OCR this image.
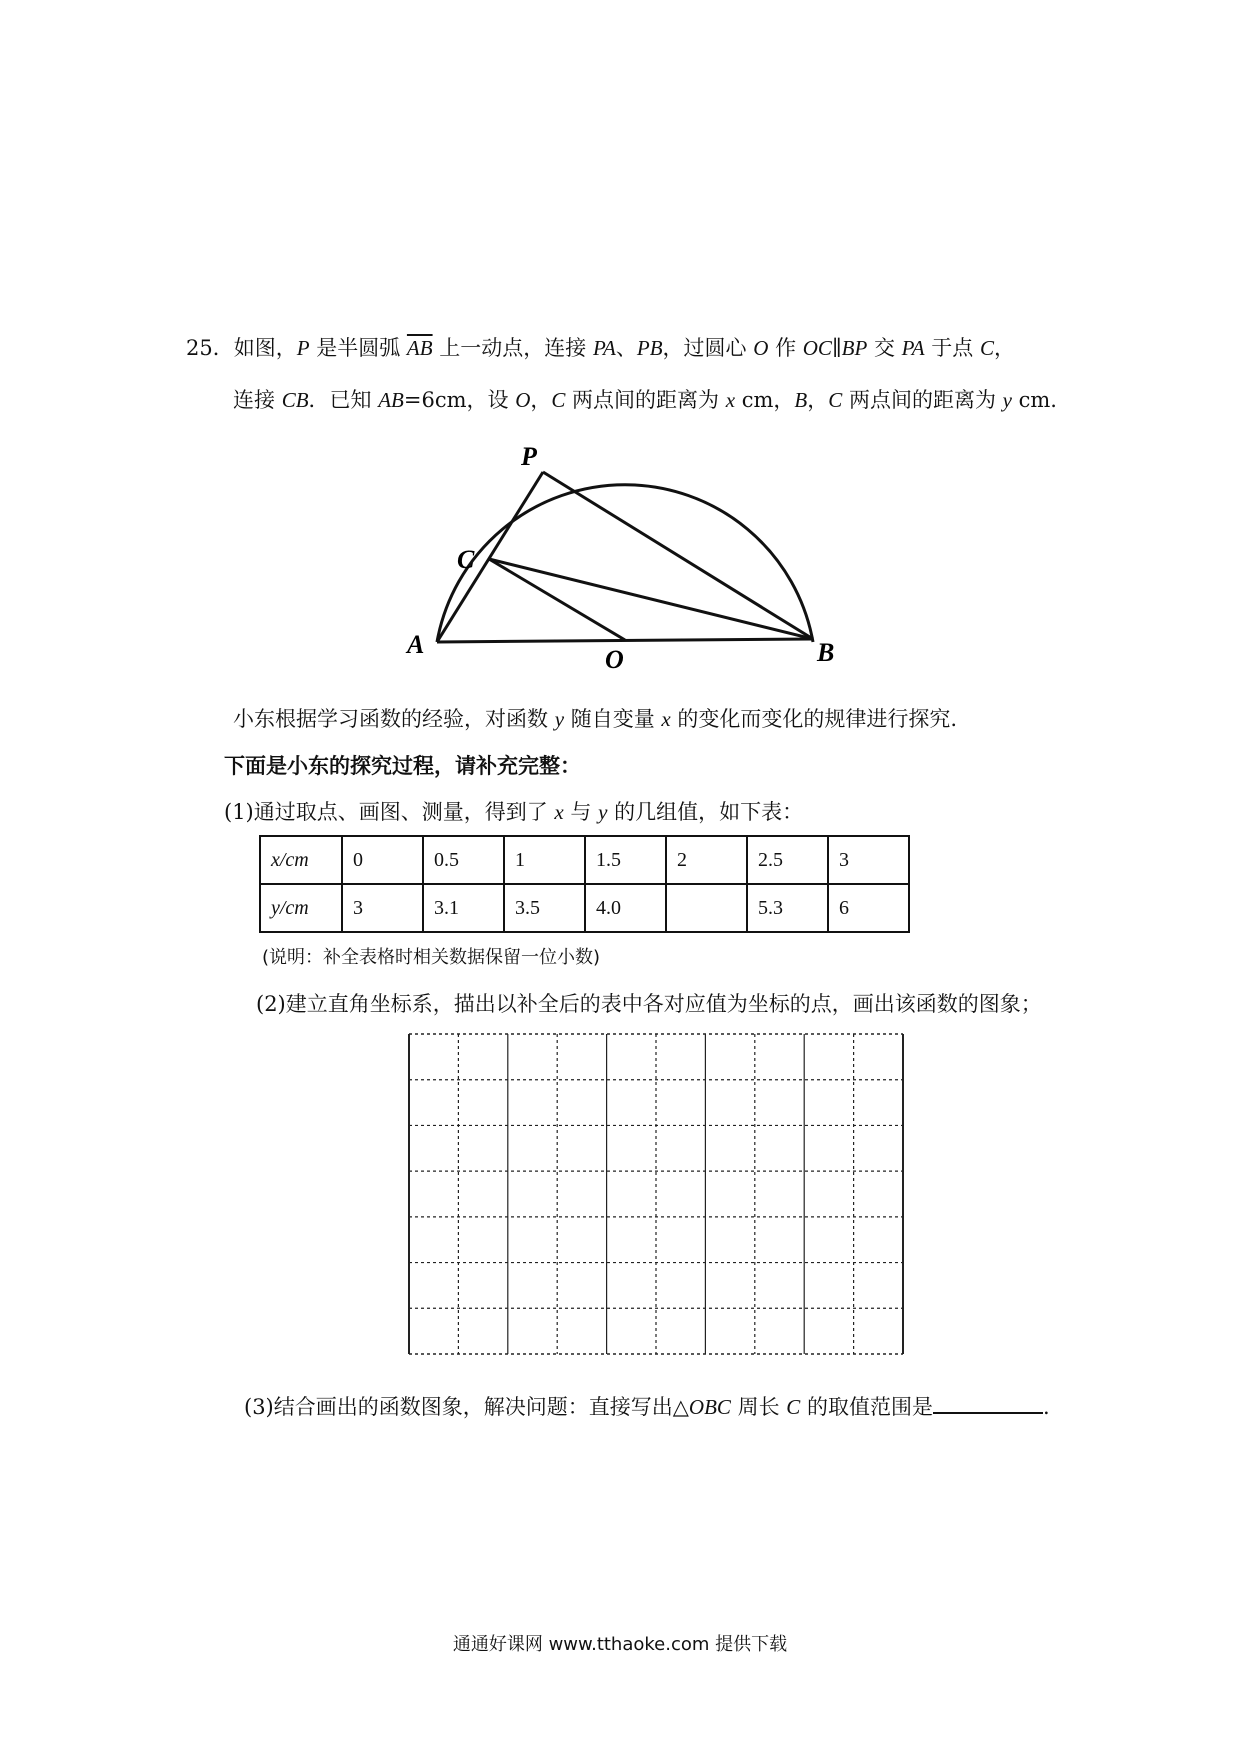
25．如图，P 是半圆弧 $\overline{AB}$ 上一动点，连接 PA、PB，过圆心 O 作 OC∥BP 交 PA 于点 C，
连接 CB．已知 AB=6cm，设 O，C 两点间的距离为 x cm，B，C 两点间的距离为 y cm.
P
C
A
O	B
小东根据学习函数的经验，对函数 y 随自变量 x 的变化而变化的规律进行探究.
下面是小东的探究过程，请补充完整：
(1)通过取点、画图、测量，得到了 x 与 y 的几组值，如下表：
x/cm	0	0.5	1	1.5	2	2.5	3
y/cm	3	3.1	3.5	4.0		5.3	6
(说明：补全表格时相关数据保留一位小数)
(2)建立直角坐标系，描出以补全后的表中各对应值为坐标的点，画出该函数的图象；
(3)结合画出的函数图象，解决问题：直接写出△OBC 周长 C 的取值范围是	.
通通好课网 www.tthaoke.com 提供下载
